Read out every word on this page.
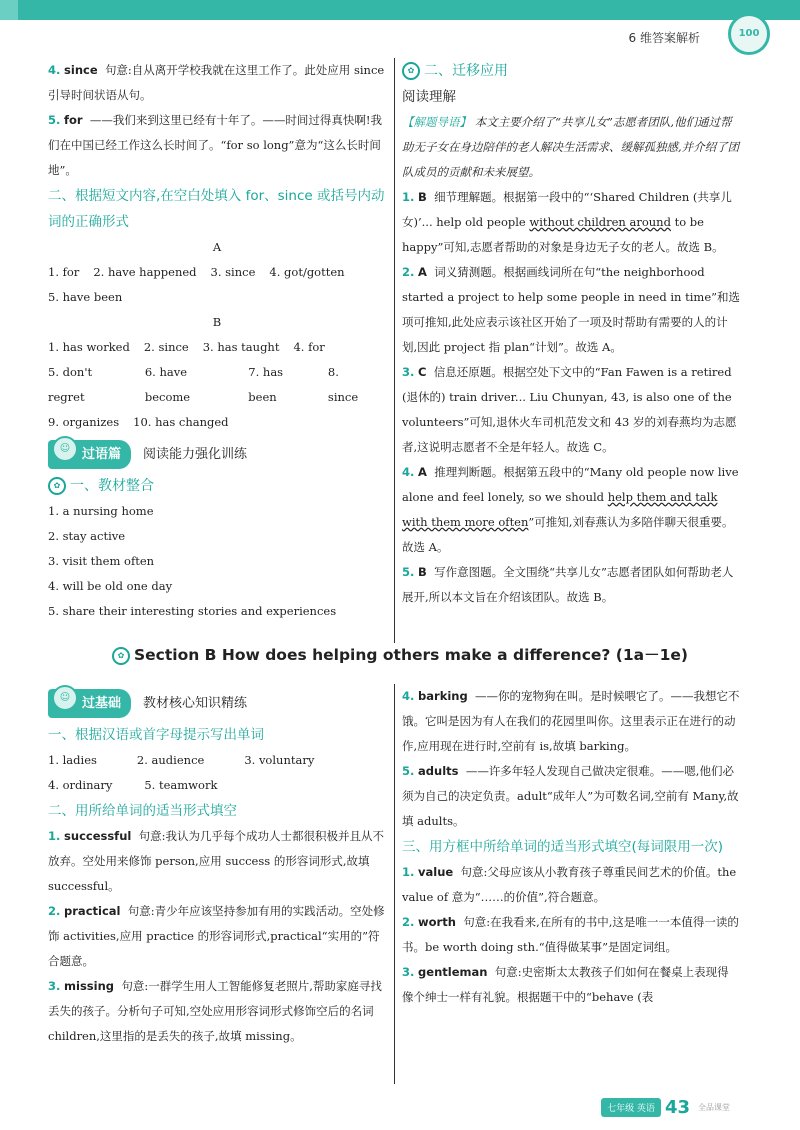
6 维答案解析	100

4. since 句意:自从离开学校我就在这里工作了。此处应用 since 引导时间状语从句。

5. for ——我们来到这里已经有十年了。——时间过得真快啊!我们在中国已经工作这么长时间了。“for so long”意为“这么长时间地”。

二、根据短文内容,在空白处填入 for、since 或括号内动词的正确形式

A

1. for 2. have happened 3. since 4. got/gotten
5. have been

B

1. has worked 2. since 3. has taught 4. for
5. don't regret
6. have become
7. has been
8. since
9. organizes 10. has changed
☺ 过语篇	阅读能力强化训练

✿ 一、教材整合

1. a nursing home

2. stay active

3. visit them often

4. will be old one day

5. share their interesting stories and experiences

✿ 二、迁移应用

阅读理解

【解题导语】 本文主要介绍了“共享儿女”志愿者团队,他们通过帮助无子女在身边陪伴的老人解决生活需求、缓解孤独感,并介绍了团队成员的贡献和未来展望。

1. B 细节理解题。根据第一段中的“‘Shared Children (共享儿女)’... help old people without children around to be happy”可知,志愿者帮助的对象是身边无子女的老人。故选 B。

2. A 词义猜测题。根据画线词所在句“the neighborhood started a project to help some people in need in time”和选项可推知,此处应表示该社区开始了一项及时帮助有需要的人的计划,因此 project 指 plan“计划”。故选 A。

3. C 信息还原题。根据空处下文中的“Fan Fawen is a retired (退休的) train driver... Liu Chunyan, 43, is also one of the volunteers”可知,退休火车司机范发文和 43 岁的刘春燕均为志愿者,这说明志愿者不全是年轻人。故选 C。

4. A 推理判断题。根据第五段中的“Many old people now live alone and feel lonely, so we should help them and talk with them more often”可推知,刘春燕认为多陪伴聊天很重要。故选 A。

5. B 写作意图题。全文围绕“共享儿女”志愿者团队如何帮助老人展开,所以本文旨在介绍该团队。故选 B。

✿ Section B How does helping others make a difference? (1a－1e)
☺ 过基础	教材核心知识精练

一、根据汉语或首字母提示写出单词

1. ladies	2. audience	3. voluntary
4. ordinary	5. teamwork

二、用所给单词的适当形式填空

1. successful 句意:我认为几乎每个成功人士都很积极并且从不放弃。空处用来修饰 person,应用 success 的形容词形式,故填 successful。

2. practical 句意:青少年应该坚持参加有用的实践活动。空处修饰 activities,应用 practice 的形容词形式,practical“实用的”符合题意。

3. missing 句意:一群学生用人工智能修复老照片,帮助家庭寻找丢失的孩子。分析句子可知,空处应用形容词形式修饰空后的名词 children,这里指的是丢失的孩子,故填 missing。

4. barking ——你的宠物狗在叫。是时候喂它了。——我想它不饿。它叫是因为有人在我们的花园里叫你。这里表示正在进行的动作,应用现在进行时,空前有 is,故填 barking。

5. adults ——许多年轻人发现自己做决定很难。——嗯,他们必须为自己的决定负责。adult“成年人”为可数名词,空前有 Many,故填 adults。

三、用方框中所给单词的适当形式填空(每词限用一次)

1. value 句意:父母应该从小教育孩子尊重民间艺术的价值。the value of 意为“……的价值”,符合题意。

2. worth 句意:在我看来,在所有的书中,这是唯一一本值得一读的书。be worth doing sth.“值得做某事”是固定词组。

3. gentleman 句意:史密斯太太教孩子们如何在餐桌上表现得像个绅士一样有礼貌。根据题干中的“behave (表

七年级 英语 43 全品课堂
